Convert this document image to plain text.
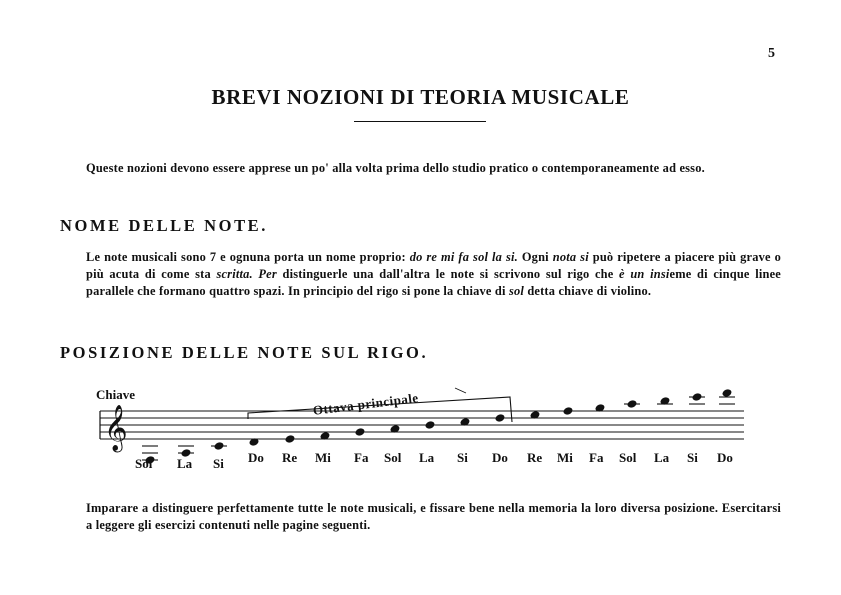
5
BREVI NOZIONI DI TEORIA MUSICALE

Queste nozioni devono essere apprese un po' alla volta prima dello studio pratico o contemporaneamente ad esso.

NOME DELLE NOTE.

Le note musicali sono 7 e ognuna porta un nome proprio: do re mi fa sol la si. Ogni nota si può ripetere a piacere più grave o più acuta di come sta scritta. Per distinguerle una dall'altra le note si scrivono sul rigo che è un insieme di cinque linee parallele che formano quattro spazi. In principio del rigo si pone la chiave di sol detta chiave di violino.

POSIZIONE DELLE NOTE SUL RIGO.
Chiave	Ottava principale
𝄞
Sol La Si Do Re Mi Fa Sol La Si Do Re Mi Fa Sol La Si Do

Imparare a distinguere perfettamente tutte le note musicali, e fissare bene nella memoria la loro diversa posizione. Esercitarsi a leggere gli esercizi contenuti nelle pagine seguenti.
